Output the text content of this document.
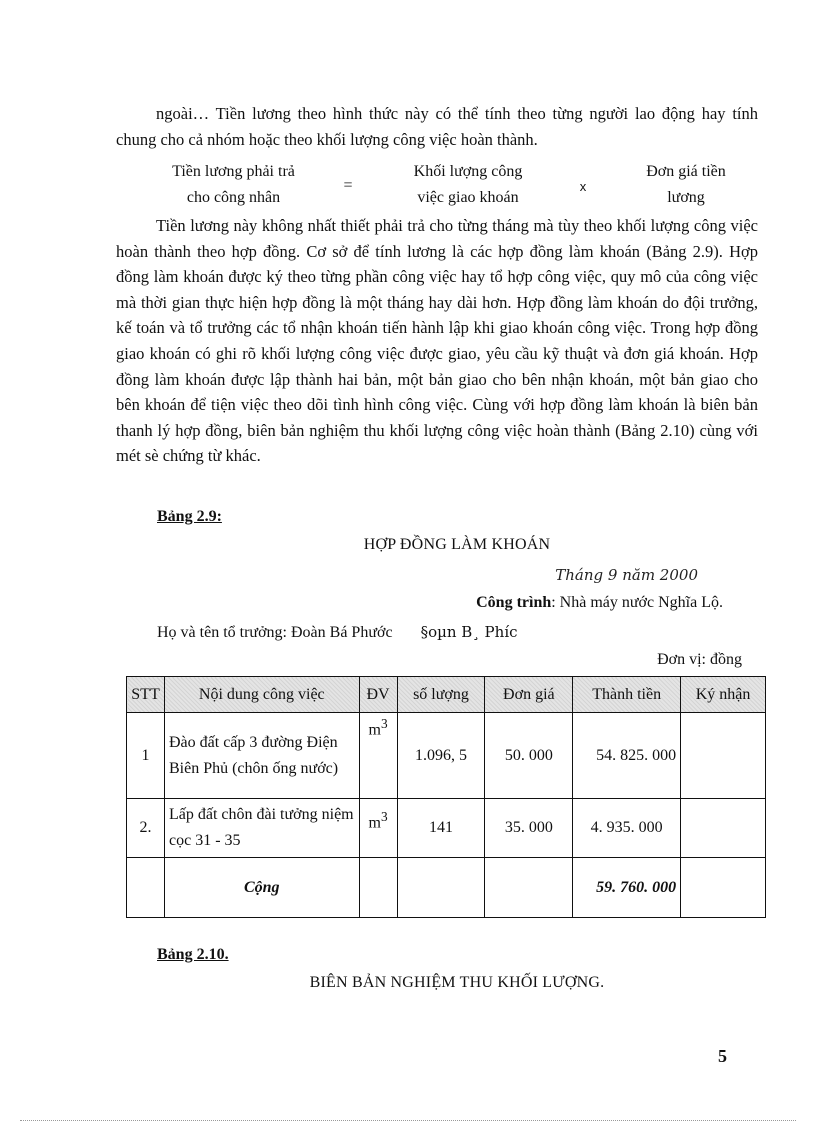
ngoài… Tiền lương theo hình thức này có thể tính theo từng người lao động hay tính chung cho cả nhóm hoặc theo khối lượng công việc hoàn thành.

Tiền lương phải trả
cho công nhân
=
Khối lượng công
việc giao khoán
x
Đơn giá tiền
lương

Tiền lương này không nhất thiết phải trả cho từng tháng mà tùy theo khối lượng công việc hoàn thành theo hợp đồng. Cơ sở để tính lương là các hợp đồng làm khoán (Bảng 2.9). Hợp đồng làm khoán được ký theo từng phần công việc hay tổ hợp công việc, quy mô của công việc mà thời gian thực hiện hợp đồng là một tháng hay dài hơn. Hợp đồng làm khoán do đội trưởng, kế toán và tổ trưởng các tổ nhận khoán tiến hành lập khi giao khoán công việc. Trong hợp đồng giao khoán có ghi rõ khối lượng công việc được giao, yêu cầu kỹ thuật và đơn giá khoán. Hợp đồng làm khoán được lập thành hai bản, một bản giao cho bên nhận khoán, một bản giao cho bên khoán để tiện việc theo dõi tình hình công việc. Cùng với hợp đồng làm khoán là biên bản thanh lý hợp đồng, biên bản nghiệm thu khối lượng công việc hoàn thành (Bảng 2.10) cùng với mét sè chứng từ khác.

Bảng 2.9:
HỢP ĐỒNG LÀM KHOÁN
Tháng 9 năm 2000
Công trình: Nhà máy nước Nghĩa Lộ.
Họ và tên tổ trưởng: Đoàn Bá Phước §oµn B¸ Phíc
Đơn vị: đồng
STT	Nội dung công việc	ĐV	số lượng	Đơn giá	Thành tiền	Ký nhận
1	Đào đất cấp 3 đường Điện Biên Phủ (chôn ống nước)	$m^3$	1.096, 5	50. 000	54. 825. 000	
2.	Lấp đất chôn đài tưởng niệm cọc 31 - 35	$m^3$	141	35. 000	4. 935. 000	
	Cộng				59. 760. 000	
Bảng 2.10.
BIÊN BẢN NGHIỆM THU KHỐI LƯỢNG.
5
